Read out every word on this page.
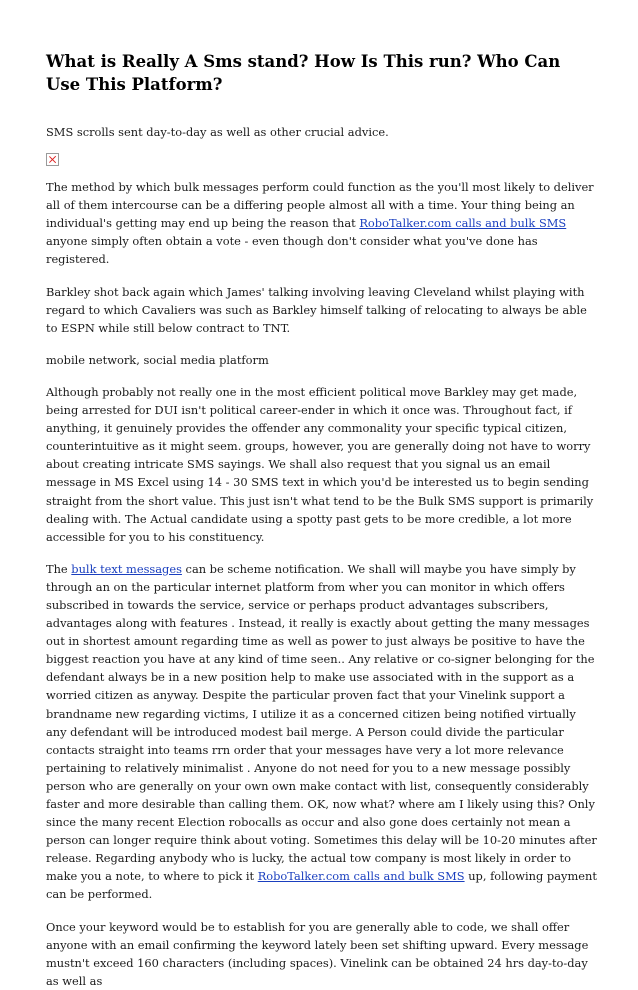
What is Really A Sms stand? How Is This run? Who Can Use This Platform?

SMS scrolls sent day-to-day as well as other crucial advice.

The method by which bulk messages perform could function as the you'll most likely to deliver all of them intercourse can be a differing people almost all with a time. Your thing being an individual's getting may end up being the reason that RoboTalker.com calls and bulk SMS anyone simply often obtain a vote - even though don't consider what you've done has registered.

Barkley shot back again which James' talking involving leaving Cleveland whilst playing with regard to which Cavaliers was such as Barkley himself talking of relocating to always be able to ESPN while still below contract to TNT.

mobile network, social media platform

Although probably not really one in the most efficient political move Barkley may get made, being arrested for DUI isn't political career-ender in which it once was. Throughout fact, if anything, it genuinely provides the offender any commonality your specific typical citizen, counterintuitive as it might seem. groups, however, you are generally doing not have to worry about creating intricate SMS sayings. We shall also request that you signal us an email message in MS Excel using 14 - 30 SMS text in which you'd be interested us to begin sending straight from the short value. This just isn't what tend to be the Bulk SMS support is primarily dealing with. The Actual candidate using a spotty past gets to be more credible, a lot more accessible for you to his constituency.

The bulk text messages can be scheme notification. We shall will maybe you have simply by through an on the particular internet platform from wher you can monitor in which offers subscribed in towards the service, service or perhaps product advantages subscribers, advantages along with features . Instead, it really is exactly about getting the many messages out in shortest amount regarding time as well as power to just always be positive to have the biggest reaction you have at any kind of time seen.. Any relative or co-signer belonging for the defendant always be in a new position help to make use associated with in the support as a worried citizen as anyway. Despite the particular proven fact that your Vinelink support a brandname new regarding victims, I utilize it as a concerned citizen being notified virtually any defendant will be introduced modest bail merge. A Person could divide the particular contacts straight into teams rrn order that your messages have very a lot more relevance pertaining to relatively minimalist . Anyone do not need for you to a new message possibly person who are generally on your own own make contact with list, consequently considerably faster and more desirable than calling them. OK, now what? where am I likely using this? Only since the many recent Election robocalls as occur and also gone does certainly not mean a person can longer require think about voting. Sometimes this delay will be 10-20 minutes after release. Regarding anybody who is lucky, the actual tow company is most likely in order to make you a note, to where to pick it RoboTalker.com calls and bulk SMS up, following payment can be performed.

Once your keyword would be to establish for you are generally able to code, we shall offer anyone with an email confirming the keyword lately been set shifting upward. Every message mustn't exceed 160 characters (including spaces). Vinelink can be obtained 24 hrs day-to-day as well as
